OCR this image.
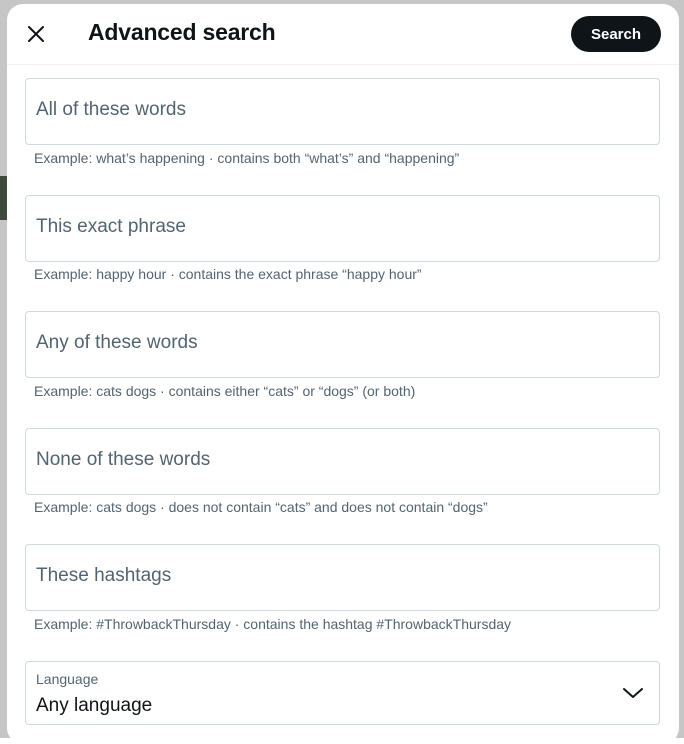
Advanced search	Search
All of these words
Example: what’s happening · contains both “what’s” and “happening”
This exact phrase
Example: happy hour · contains the exact phrase “happy hour”
Any of these words
Example: cats dogs · contains either “cats” or “dogs” (or both)
None of these words
Example: cats dogs · does not contain “cats” and does not contain “dogs”
These hashtags
Example: #ThrowbackThursday · contains the hashtag #ThrowbackThursday
Language
Any language
